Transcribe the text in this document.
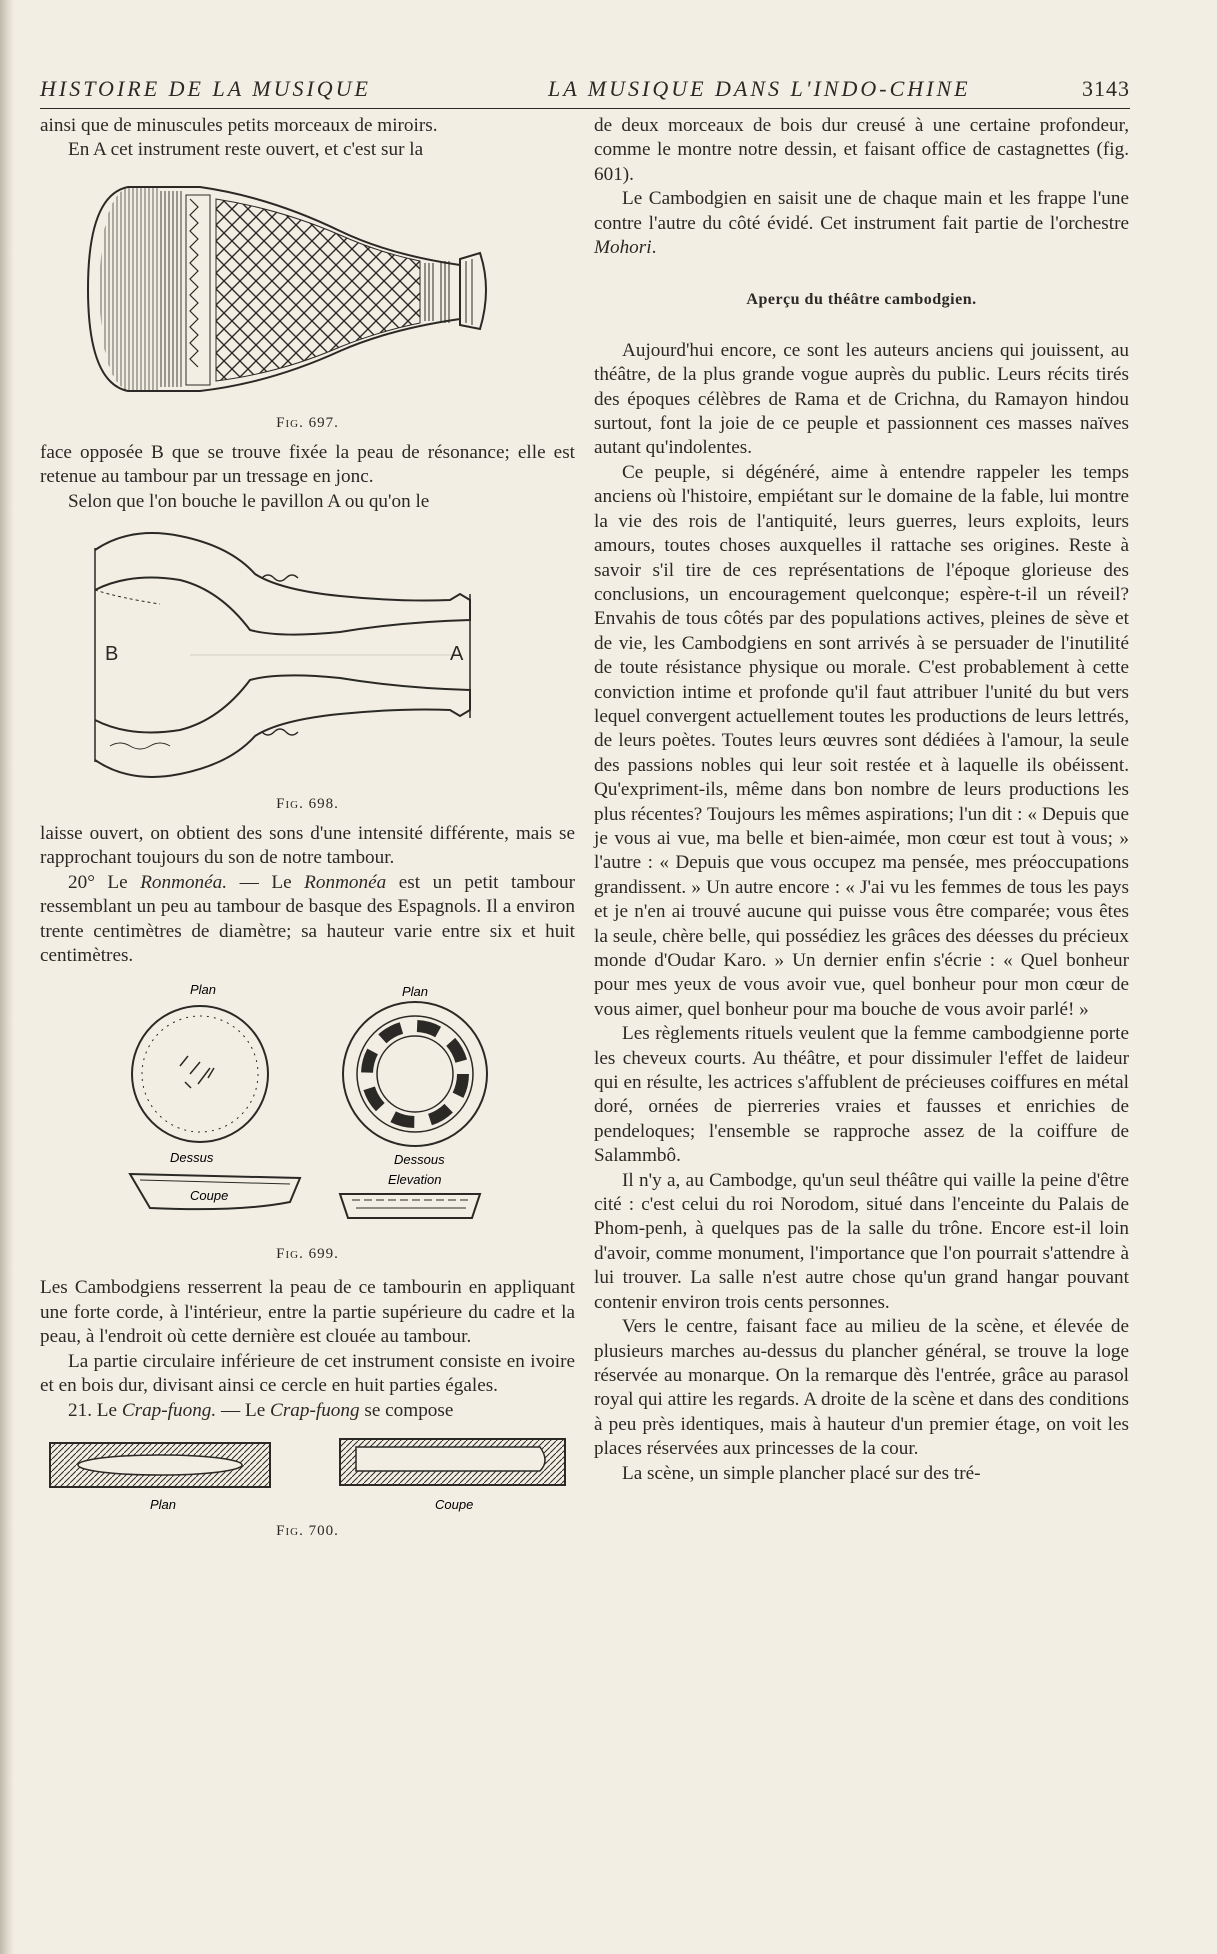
HISTOIRE DE LA MUSIQUE	LA MUSIQUE DANS L'INDO-CHINE	3143

ainsi que de minuscules petits morceaux de miroirs.

En A cet instrument reste ouvert, et c'est sur la

Fig. 697.

face opposée B que se trouve fixée la peau de résonance; elle est retenue au tambour par un tressage en jonc.

Selon que l'on bouche le pavillon A ou qu'on le

B	A
Fig. 698.

laisse ouvert, on obtient des sons d'une intensité différente, mais se rapprochant toujours du son de notre tambour.

20° Le Ronmonéa. — Le Ronmonéa est un petit tambour ressemblant un peu au tambour de basque des Espagnols. Il a environ trente centimètres de diamètre; sa hauteur varie entre six et huit centimètres.

Plan	Plan
Dessus	Dessous
Elevation
Coupe
Fig. 699.

Les Cambodgiens resserrent la peau de ce tambourin en appliquant une forte corde, à l'intérieur, entre la partie supérieure du cadre et la peau, à l'endroit où cette dernière est clouée au tambour.

La partie circulaire inférieure de cet instrument consiste en ivoire et en bois dur, divisant ainsi ce cercle en huit parties égales.

21. Le Crap-fuong. — Le Crap-fuong se compose

Plan	Coupe
Fig. 700.

de deux morceaux de bois dur creusé à une certaine profondeur, comme le montre notre dessin, et faisant office de castagnettes (fig. 601).

Le Cambodgien en saisit une de chaque main et les frappe l'une contre l'autre du côté évidé. Cet instrument fait partie de l'orchestre Mohori.

Aperçu du théâtre cambodgien.

Aujourd'hui encore, ce sont les auteurs anciens qui jouissent, au théâtre, de la plus grande vogue auprès du public. Leurs récits tirés des époques célèbres de Rama et de Crichna, du Ramayon hindou surtout, font la joie de ce peuple et passionnent ces masses naïves autant qu'indolentes.

Ce peuple, si dégénéré, aime à entendre rappeler les temps anciens où l'histoire, empiétant sur le domaine de la fable, lui montre la vie des rois de l'antiquité, leurs guerres, leurs exploits, leurs amours, toutes choses auxquelles il rattache ses origines. Reste à savoir s'il tire de ces représentations de l'époque glorieuse des conclusions, un encouragement quelconque; espère-t-il un réveil? Envahis de tous côtés par des populations actives, pleines de sève et de vie, les Cambodgiens en sont arrivés à se persuader de l'inutilité de toute résistance physique ou morale. C'est probablement à cette conviction intime et profonde qu'il faut attribuer l'unité du but vers lequel convergent actuellement toutes les productions de leurs lettrés, de leurs poètes. Toutes leurs œuvres sont dédiées à l'amour, la seule des passions nobles qui leur soit restée et à laquelle ils obéissent. Qu'expriment-ils, même dans bon nombre de leurs productions les plus récentes? Toujours les mêmes aspirations; l'un dit : « Depuis que je vous ai vue, ma belle et bien-aimée, mon cœur est tout à vous; » l'autre : « Depuis que vous occupez ma pensée, mes préoccupations grandissent. » Un autre encore : « J'ai vu les femmes de tous les pays et je n'en ai trouvé aucune qui puisse vous être comparée; vous êtes la seule, chère belle, qui possédiez les grâces des déesses du précieux monde d'Oudar Karo. » Un dernier enfin s'écrie : « Quel bonheur pour mes yeux de vous avoir vue, quel bonheur pour mon cœur de vous aimer, quel bonheur pour ma bouche de vous avoir parlé! »

Les règlements rituels veulent que la femme cambodgienne porte les cheveux courts. Au théâtre, et pour dissimuler l'effet de laideur qui en résulte, les actrices s'affublent de précieuses coiffures en métal doré, ornées de pierreries vraies et fausses et enrichies de pendeloques; l'ensemble se rapproche assez de la coiffure de Salammbô.

Il n'y a, au Cambodge, qu'un seul théâtre qui vaille la peine d'être cité : c'est celui du roi Norodom, situé dans l'enceinte du Palais de Phom-penh, à quelques pas de la salle du trône. Encore est-il loin d'avoir, comme monument, l'importance que l'on pourrait s'attendre à lui trouver. La salle n'est autre chose qu'un grand hangar pouvant contenir environ trois cents personnes.

Vers le centre, faisant face au milieu de la scène, et élevée de plusieurs marches au-dessus du plancher général, se trouve la loge réservée au monarque. On la remarque dès l'entrée, grâce au parasol royal qui attire les regards. A droite de la scène et dans des conditions à peu près identiques, mais à hauteur d'un premier étage, on voit les places réservées aux princesses de la cour.

La scène, un simple plancher placé sur des tré-
